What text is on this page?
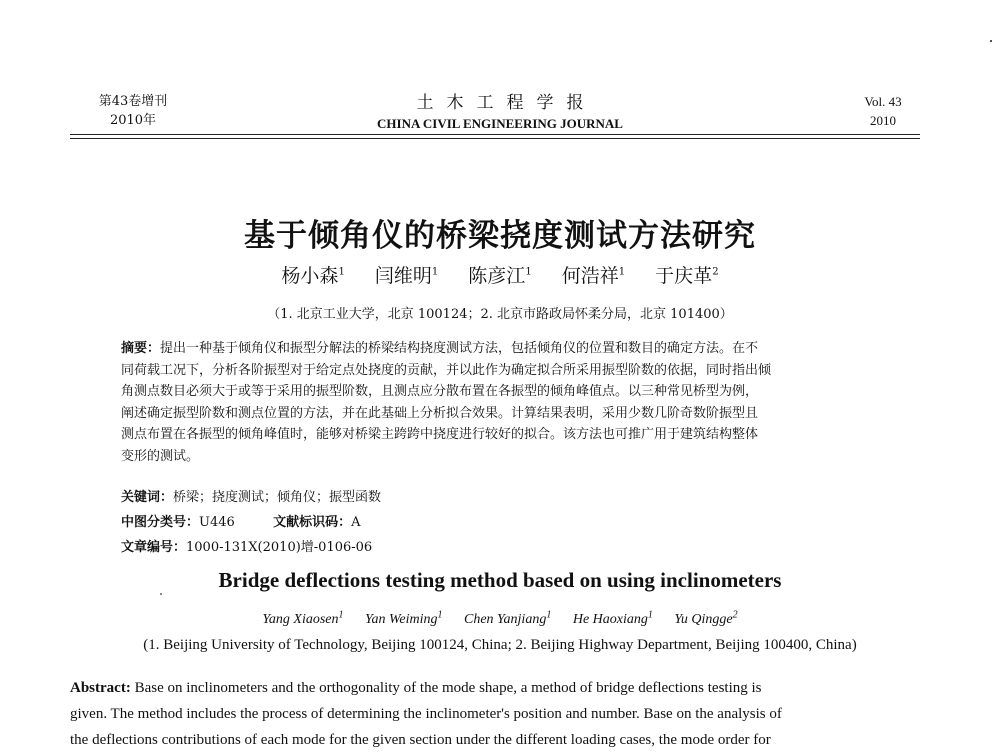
第43卷增刊
2010年
土木工程学报
CHINA CIVIL ENGINEERING JOURNAL
Vol. 43
2010
基于倾角仪的桥梁挠度测试方法研究
杨小森$^1$ 闫维明$^1$ 陈彦江$^1$ 何浩祥$^1$ 于庆革$^2$
（1. 北京工业大学，北京 100124；2. 北京市路政局怀柔分局，北京 101400）
摘要：提出一种基于倾角仪和振型分解法的桥梁结构挠度测试方法，包括倾角仪的位置和数目的确定方法。在不
同荷载工况下，分析各阶振型对于给定点处挠度的贡献，并以此作为确定拟合所采用振型阶数的依据，同时指出倾
角测点数目必须大于或等于采用的振型阶数，且测点应分散布置在各振型的倾角峰值点。以三种常见桥型为例，
阐述确定振型阶数和测点位置的方法，并在此基础上分析拟合效果。计算结果表明，采用少数几阶奇数阶振型且
测点布置在各振型的倾角峰值时，能够对桥梁主跨跨中挠度进行较好的拟合。该方法也可推广用于建筑结构整体
变形的测试。
关键词：桥梁；挠度测试；倾角仪；振型函数
中图分类号：U446	文献标识码：A
文章编号：1000-131X(2010)增-0106-06
Bridge deflections testing method based on using inclinometers
Yang Xiaosen$^1$ Yan Weiming$^1$ Chen Yanjiang$^1$ He Haoxiang$^1$ Yu Qingge$^2$
(1. Beijing University of Technology, Beijing 100124, China; 2. Beijing Highway Department, Beijing 100400, China)
Abstract: Base on inclinometers and the orthogonality of the mode shape, a method of bridge deflections testing is
given. The method includes the process of determining the inclinometer's position and number. Base on the analysis of
the deflections contributions of each mode for the given section under the different loading cases, the mode order for
